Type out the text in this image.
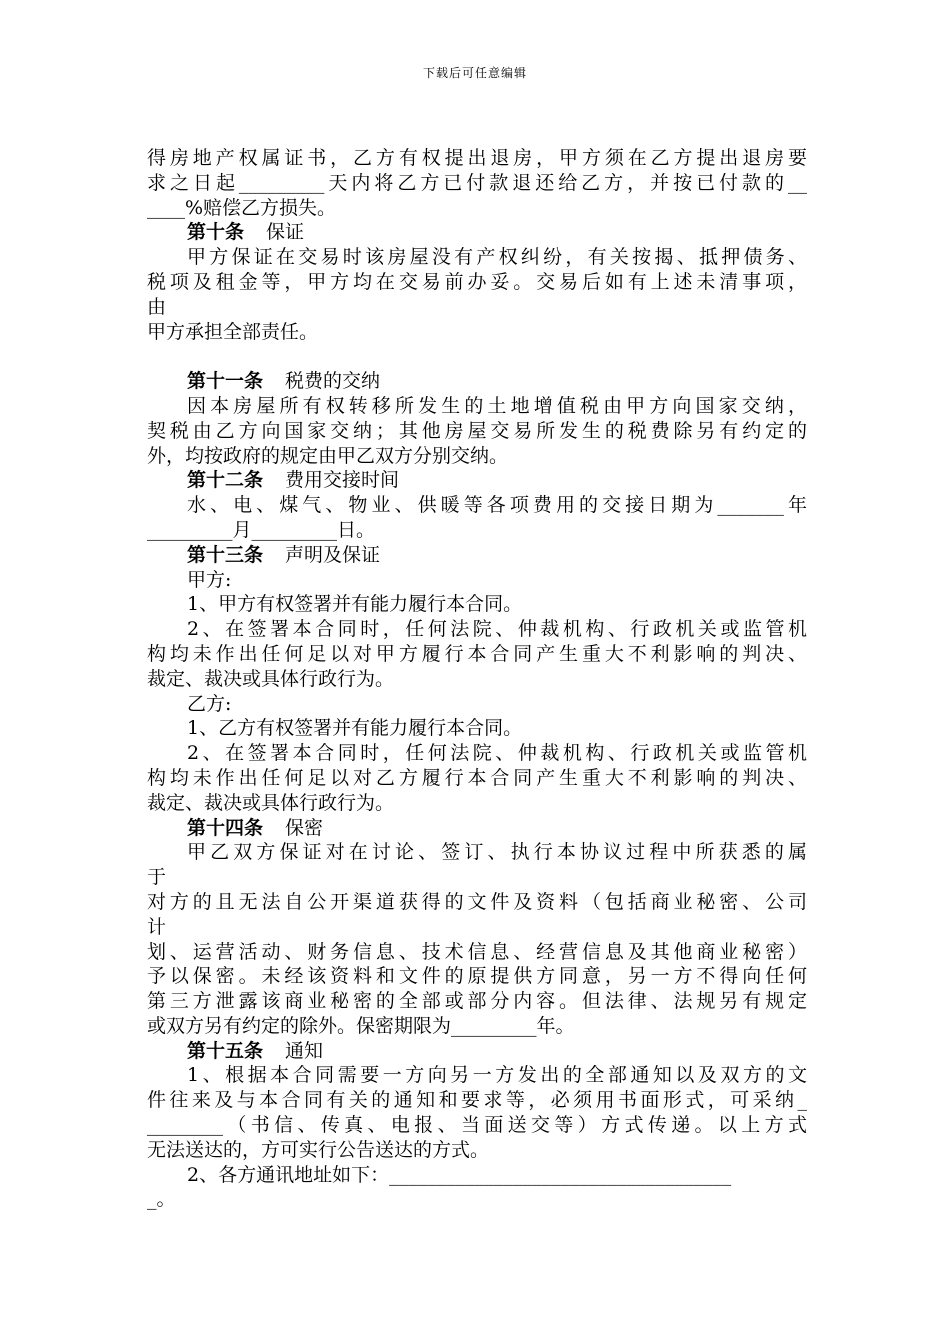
下载后可任意编辑
得房地产权属证书，乙方有权提出退房，甲方须在乙方提出退房要
求之日起_________天内将乙方已付款退还给乙方，并按已付款的__
____%赔偿乙方损失。
第十条 保证
甲方保证在交易时该房屋没有产权纠纷，有关按揭、抵押债务、
税项及租金等，甲方均在交易前办妥。交易后如有上述未清事项，
由
甲方承担全部责任。
第十一条 税费的交纳
因本房屋所有权转移所发生的土地增值税由甲方向国家交纳，
契税由乙方向国家交纳；其他房屋交易所发生的税费除另有约定的
外，均按政府的规定由甲乙双方分别交纳。
第十二条 费用交接时间
水、电、煤气、物业、供暖等各项费用的交接日期为_______年
_________月_________日。
第十三条 声明及保证
甲方:
1、甲方有权签署并有能力履行本合同。
2、在签署本合同时，任何法院、仲裁机构、行政机关或监管机
构均未作出任何足以对甲方履行本合同产生重大不利影响的判决、
裁定、裁决或具体行政行为。
乙方:
1、乙方有权签署并有能力履行本合同。
2、在签署本合同时，任何法院、仲裁机构、行政机关或监管机
构均未作出任何足以对乙方履行本合同产生重大不利影响的判决、
裁定、裁决或具体行政行为。
第十四条 保密
甲乙双方保证对在讨论、签订、执行本协议过程中所获悉的属
于
对方的且无法自公开渠道获得的文件及资料（包括商业秘密、公司
计
划、运营活动、财务信息、技术信息、经营信息及其他商业秘密）
予以保密。未经该资料和文件的原提供方同意，另一方不得向任何
第三方泄露该商业秘密的全部或部分内容。但法律、法规另有规定
或双方另有约定的除外。保密期限为_________年。
第十五条 通知
1、根据本合同需要一方向另一方发出的全部通知以及双方的文
件往来及与本合同有关的通知和要求等，必须用书面形式，可采纳_
________（书信、传真、电报、当面送交等）方式传递。以上方式
无法送达的，方可实行公告送达的方式。
2、各方通讯地址如下：____________________________________
_。
